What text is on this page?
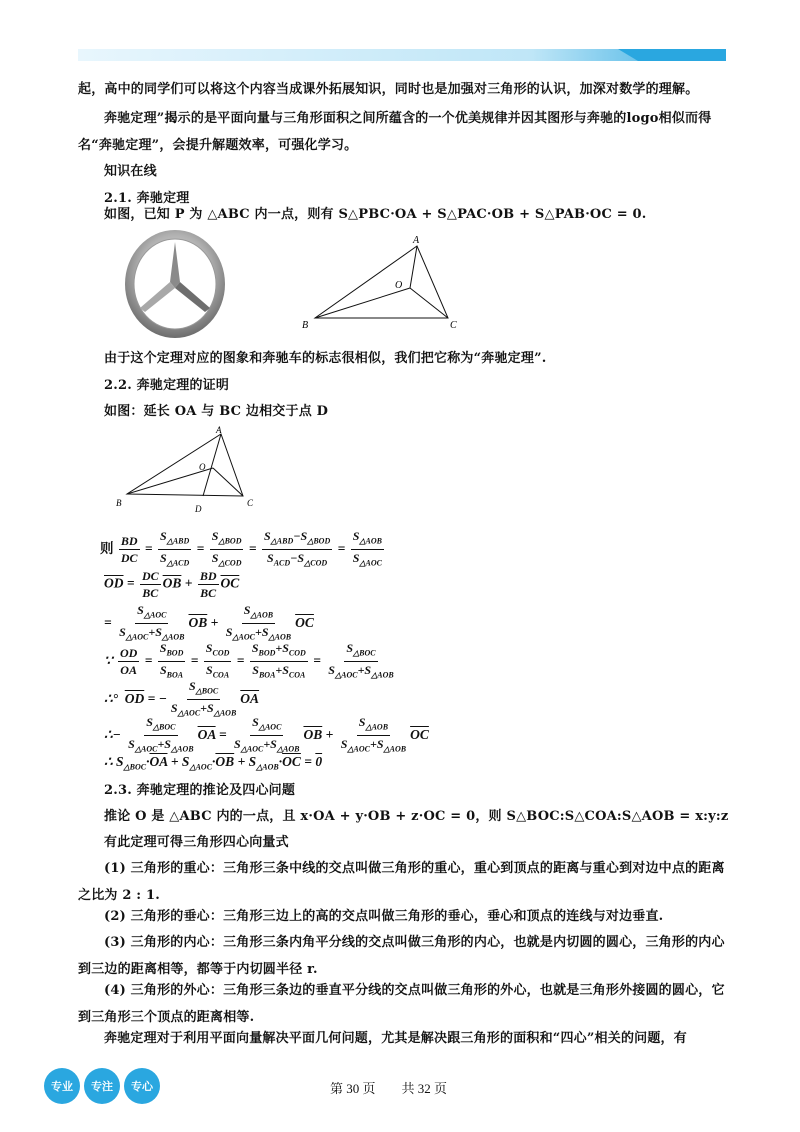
起，高中的同学们可以将这个内容当成课外拓展知识，同时也是加强对三角形的认识，加深对数学的理解。
奔驰定理”揭示的是平面向量与三角形面积之间所蕴含的一个优美规律并因其图形与奔驰的logo相似而得名“奔驰定理”，会提升解题效率，可强化学习。
知识在线
2.1. 奔驰定理
如图，已知 P 为 △ABC 内一点，则有 S△PBC·OA + S△PAC·OB + S△PAB·OC = 0.
A
B	C
O
由于这个定理对应的图象和奔驰车的标志很相似，我们把它称为“奔驰定理”.
2.2. 奔驰定理的证明
如图：延长 OA 与 BC 边相交于点 D
A
B	C
O
D
则 $\frac{BD}{DC} = \frac{S_{\triangle ABD}}{S_{\triangle ACD}} = \frac{S_{\triangle BOD}}{S_{\triangle COD}} = \frac{S_{\triangle ABD}-S_{\triangle BOD}}{S_{ACD}-S_{\triangle COD}} = \frac{S_{\triangle AOB}}{S_{\triangle AOC}}$
$\overline{OD} = \frac{DC}{BC} \overline{OB} + \frac{BD}{BC} \overline{OC}$
= $\frac{S_{\triangle AOC}}{S_{\triangle AOC}+S_{\triangle AOB}} \overline{OB} + \frac{S_{\triangle AOB}}{S_{\triangle AOC}+S_{\triangle AOB}} \overline{OC}$
∵ $\frac{OD}{OA} = \frac{S_{BOD}}{S_{BOA}} = \frac{S_{COD}}{S_{COA}} = \frac{S_{BOD}+S_{COD}}{S_{BOA}+S_{COA}} = \frac{S_{\triangle BOC}}{S_{\triangle AOC}+S_{\triangle AOB}}$
∴°  $\overline{OD}$ = − $\frac{S_{\triangle BOC}}{S_{\triangle AOC}+S_{\triangle AOB}} \overline{OA}$
∴− $\frac{S_{\triangle BOC}}{S_{\triangle AOC}+S_{\triangle AOB}} \overline{OA} = \frac{S_{\triangle AOC}}{S_{\triangle AOC}+S_{\triangle AOB}} \overline{OB} + \frac{S_{\triangle AOB}}{S_{\triangle AOC}+S_{\triangle AOB}} \overline{OC}$
∴ $S_{\triangle BOC}\cdot\overline{OA} + S_{\triangle AOC}\cdot\overline{OB} + S_{\triangle AOB}\cdot\overline{OC} = 0$
2.3. 奔驰定理的推论及四心问题
推论 O 是 △ABC 内的一点，且 x·OA + y·OB + z·OC = 0，则 S△BOC:S△COA:S△AOB = x:y:z
有此定理可得三角形四心向量式
(1) 三角形的重心：三角形三条中线的交点叫做三角形的重心，重心到顶点的距离与重心到对边中点的距离之比为 2 : 1.
(2) 三角形的垂心：三角形三边上的高的交点叫做三角形的垂心，垂心和顶点的连线与对边垂直.
(3) 三角形的内心：三角形三条内角平分线的交点叫做三角形的内心，也就是内切圆的圆心，三角形的内心到三边的距离相等，都等于内切圆半径 r.
(4) 三角形的外心：三角形三条边的垂直平分线的交点叫做三角形的外心，也就是三角形外接圆的圆心，它到三角形三个顶点的距离相等.
奔驰定理对于利用平面向量解决平面几何问题，尤其是解决跟三角形的面积和“四心”相关的问题，有
专业	专注	专心	第 30 页　　共 32 页
